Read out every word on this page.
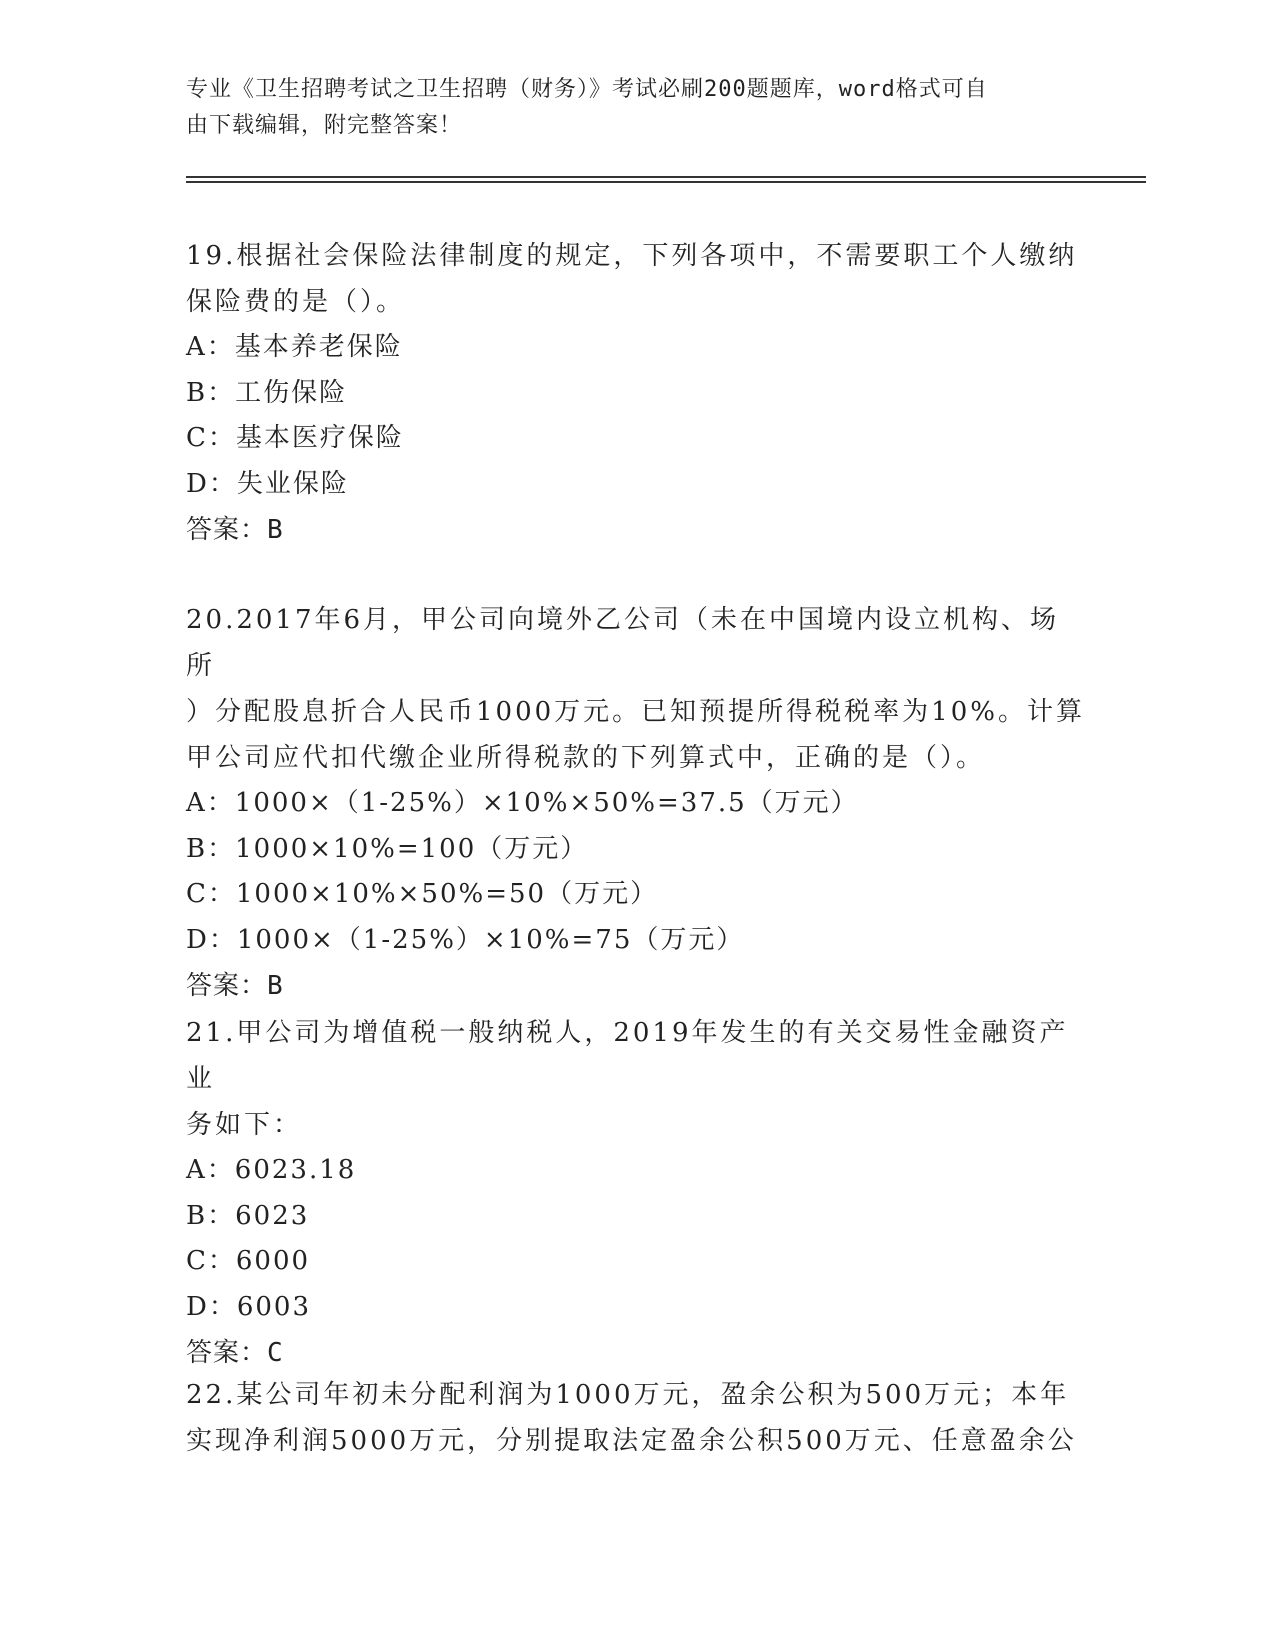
专业《卫生招聘考试之卫生招聘（财务）》考试必刷200题题库，word格式可自
由下载编辑，附完整答案！
19.根据社会保险法律制度的规定，下列各项中，不需要职工个人缴纳
保险费的是（）。
A：基本养老保险
B：工伤保险
C：基本医疗保险
D：失业保险
答案：B
20.2017年6月，甲公司向境外乙公司（未在中国境内设立机构、场所
）分配股息折合人民币1000万元。已知预提所得税税率为10%。计算
甲公司应代扣代缴企业所得税款的下列算式中，正确的是（）。
A：1000×（1-25%）×10%×50%=37.5（万元）
B：1000×10%=100（万元）
C：1000×10%×50%=50（万元）
D：1000×（1-25%）×10%=75（万元）
答案：B
21.甲公司为增值税一般纳税人，2019年发生的有关交易性金融资产业
务如下：
A：6023.18
B：6023
C：6000
D：6003
答案：C
22.某公司年初未分配利润为1000万元，盈余公积为500万元；本年
实现净利润5000万元，分别提取法定盈余公积500万元、任意盈余公
